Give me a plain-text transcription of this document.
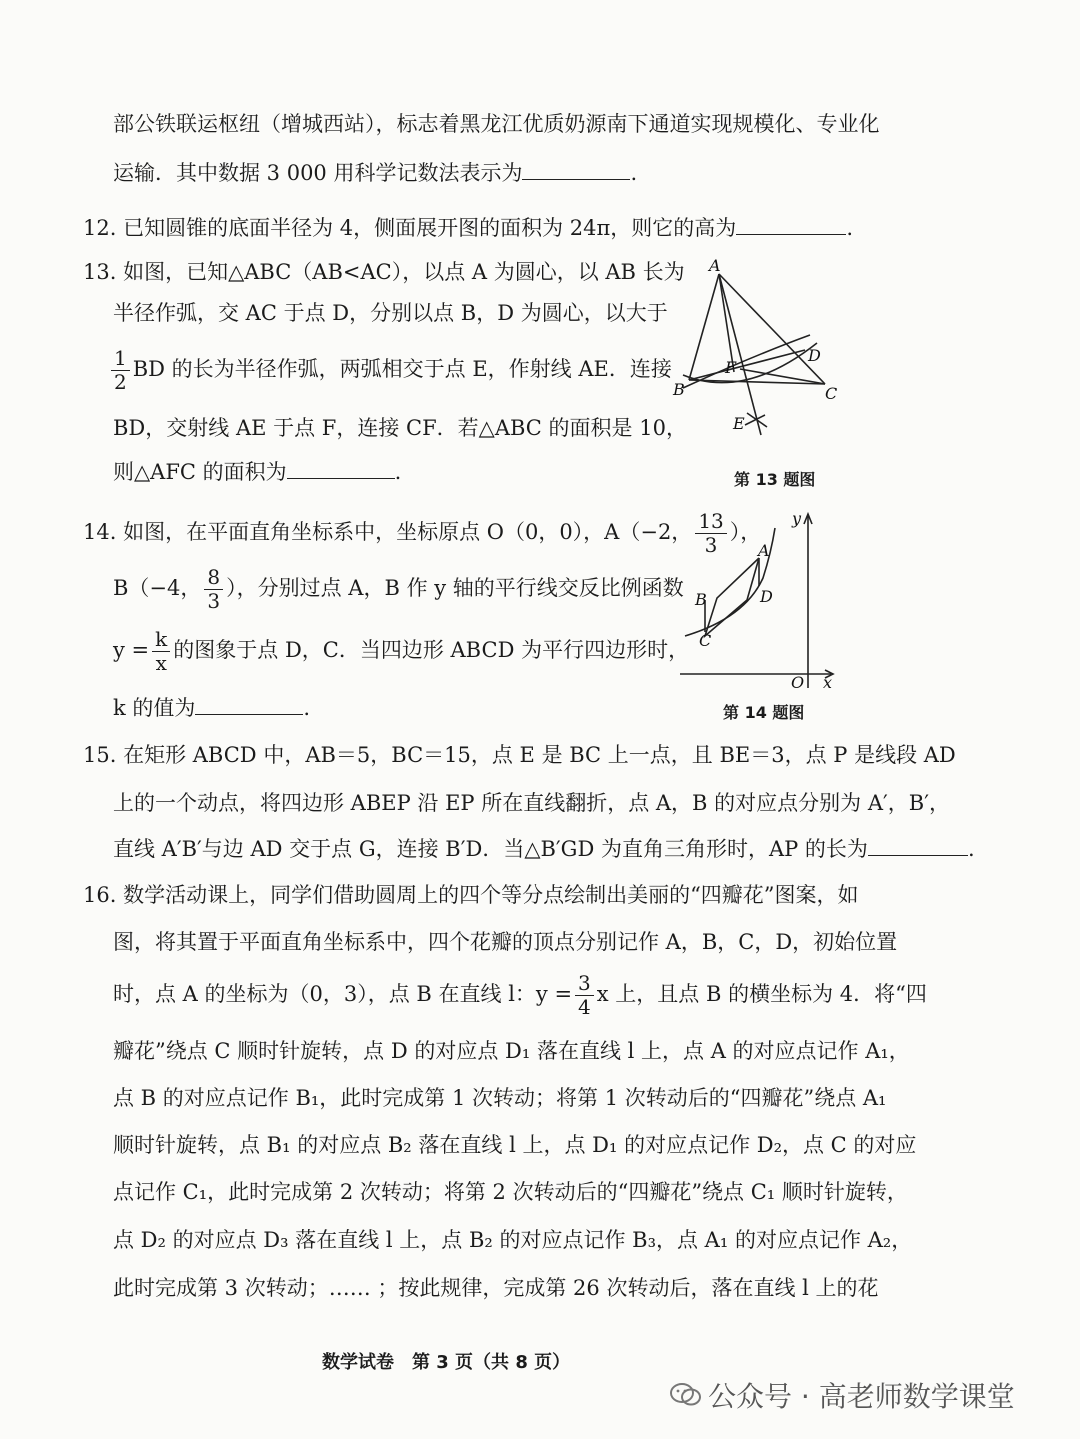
部公铁联运枢纽（增城西站），标志着黑龙江优质奶源南下通道实现规模化、专业化
运输．其中数据 3 000 用科学记数法表示为	.
12. 已知圆锥的底面半径为 4，侧面展开图的面积为 24π，则它的高为	.
13. 如图，已知△ABC（AB<AC），以点 A 为圆心，以 AB 长为
半径作弧，交 AC 于点 D，分别以点 B，D 为圆心，以大于
$\frac{1}{2}$ BD 的长为半径作弧，两弧相交于点 E，作射线 AE．连接
BD，交射线 AE 于点 F，连接 CF．若△ABC 的面积是 10，
则△AFC 的面积为	.
A
B	C
D
E
F
第 13 题图
14. 如图，在平面直角坐标系中，坐标原点 O（0，0），A（−2， $\frac{13}{3}$ ），
B（−4， $\frac{8}{3}$ ），分别过点 A，B 作 y 轴的平行线交反比例函数
$y = \frac{k}{x}$ 的图象于点 D，C．当四边形 ABCD 为平行四边形时，
k 的值为	.
A
B
C
D
O x
y
第 14 题图
15. 在矩形 ABCD 中，AB＝5，BC＝15，点 E 是 BC 上一点，且 BE＝3，点 P 是线段 AD
上的一个动点，将四边形 ABEP 沿 EP 所在直线翻折，点 A，B 的对应点分别为 A′，B′，
直线 A′B′与边 AD 交于点 G，连接 B′D．当△B′GD 为直角三角形时，AP 的长为	.
16. 数学活动课上，同学们借助圆周上的四个等分点绘制出美丽的“四瓣花”图案，如
图，将其置于平面直角坐标系中，四个花瓣的顶点分别记作 A，B，C，D，初始位置
时，点 A 的坐标为（0，3），点 B 在直线 l：$y = \frac{3}{4}$ x 上，且点 B 的横坐标为 4．将“四
瓣花”绕点 C 顺时针旋转，点 D 的对应点 D₁ 落在直线 l 上，点 A 的对应点记作 A₁，
点 B 的对应点记作 B₁，此时完成第 1 次转动；将第 1 次转动后的“四瓣花”绕点 A₁
顺时针旋转，点 B₁ 的对应点 B₂ 落在直线 l 上，点 D₁ 的对应点记作 D₂，点 C 的对应
点记作 C₁，此时完成第 2 次转动；将第 2 次转动后的“四瓣花”绕点 C₁ 顺时针旋转，
点 D₂ 的对应点 D₃ 落在直线 l 上，点 B₂ 的对应点记作 B₃，点 A₁ 的对应点记作 A₂，
此时完成第 3 次转动；…… ；按此规律，完成第 26 次转动后，落在直线 l 上的花
数学试卷　第 3 页（共 8 页）
公众号 · 高老师数学课堂
